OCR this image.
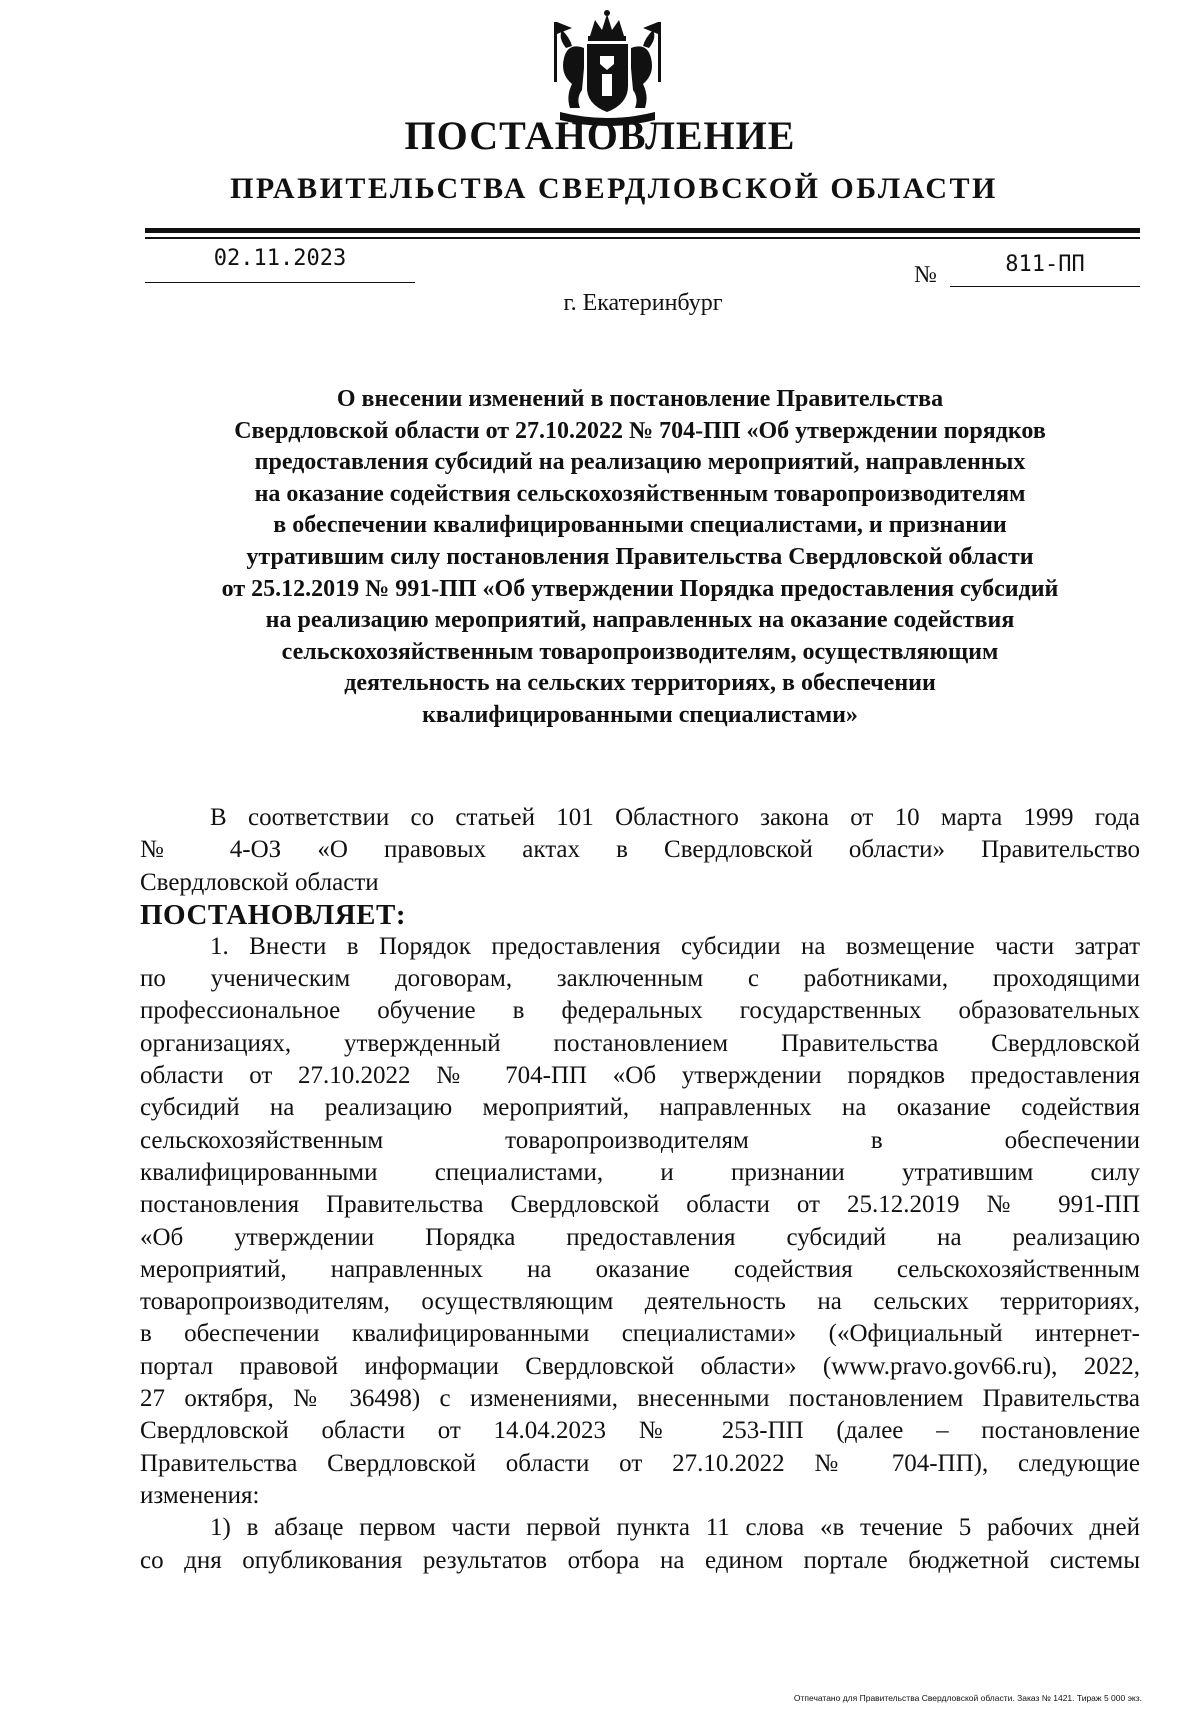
ПОСТАНОВЛЕНИЕ
ПРАВИТЕЛЬСТВА СВЕРДЛОВСКОЙ ОБЛАСТИ
02.11.2023
№	811-ПП
г. Екатеринбург
О внесении изменений в постановление Правительства
Свердловской области от 27.10.2022 № 704-ПП «Об утверждении порядков
предоставления субсидий на реализацию мероприятий, направленных
на оказание содействия сельскохозяйственным товаропроизводителям
в обеспечении квалифицированными специалистами, и признании
утратившим силу постановления Правительства Свердловской области
от 25.12.2019 № 991-ПП «Об утверждении Порядка предоставления субсидий
на реализацию мероприятий, направленных на оказание содействия
сельскохозяйственным товаропроизводителям, осуществляющим
деятельность на сельских территориях, в обеспечении
квалифицированными специалистами»
В соответствии со статьей 101 Областного закона от 10 марта 1999 года
№ 4-ОЗ «О правовых актах в Свердловской области» Правительство
Свердловской области
ПОСТАНОВЛЯЕТ:
1. Внести в Порядок предоставления субсидии на возмещение части затрат
по ученическим договорам, заключенным с работниками, проходящими
профессиональное обучение в федеральных государственных образовательных
организациях, утвержденный постановлением Правительства Свердловской
области от 27.10.2022 № 704-ПП «Об утверждении порядков предоставления
субсидий на реализацию мероприятий, направленных на оказание содействия
сельскохозяйственным товаропроизводителям в обеспечении
квалифицированными специалистами, и признании утратившим силу
постановления Правительства Свердловской области от 25.12.2019 № 991-ПП
«Об утверждении Порядка предоставления субсидий на реализацию
мероприятий, направленных на оказание содействия сельскохозяйственным
товаропроизводителям, осуществляющим деятельность на сельских территориях,
в обеспечении квалифицированными специалистами» («Официальный интернет-
портал правовой информации Свердловской области» (www.pravo.gov66.ru), 2022,
27 октября, № 36498) с изменениями, внесенными постановлением Правительства
Свердловской области от 14.04.2023 № 253-ПП (далее – постановление
Правительства Свердловской области от 27.10.2022 № 704-ПП), следующие
изменения:
1) в абзаце первом части первой пункта 11 слова «в течение 5 рабочих дней
со дня опубликования результатов отбора на едином портале бюджетной системы
Отпечатано для Правительства Свердловской области. Заказ № 1421. Тираж 5 000 экз.
